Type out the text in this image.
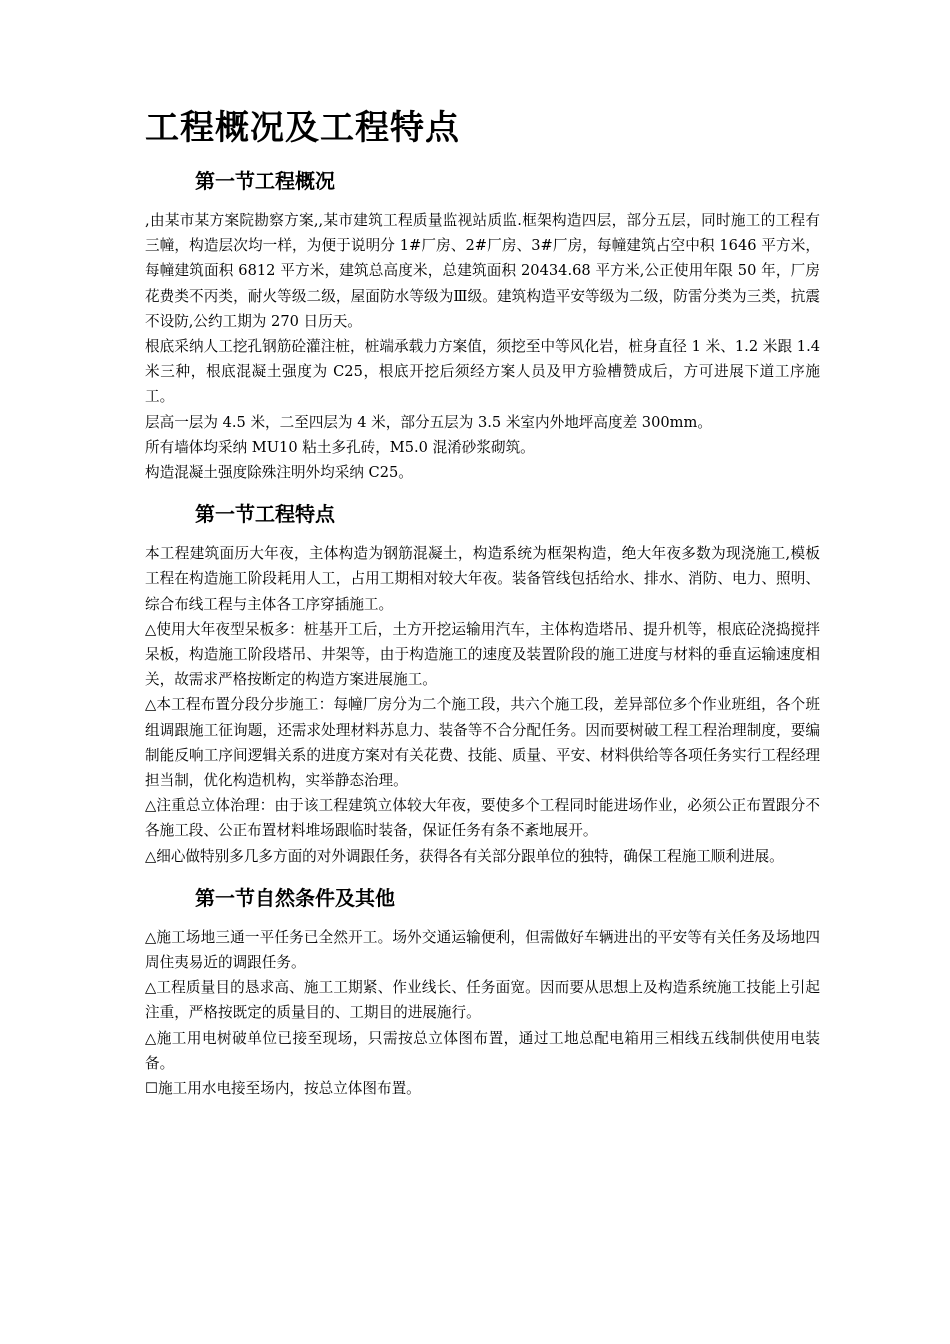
工程概况及工程特点
第一节工程概况

,由某市某方案院勘察方案,,某市建筑工程质量监视站质监.框架构造四层，部分五层，同时施工的工程有三幢，构造层次均一样，为便于说明分 1#厂房、2#厂房、3#厂房，每幢建筑占空中积 1646 平方米，每幢建筑面积 6812 平方米，建筑总高度米，总建筑面积 20434.68 平方米,公正使用年限 50 年，厂房花费类不丙类，耐火等级二级，屋面防水等级为Ⅲ级。建筑构造平安等级为二级，防雷分类为三类，抗震不设防,公约工期为 270 日历天。

根底采纳人工挖孔钢筋砼灌注桩，桩端承载力方案值，须挖至中等风化岩，桩身直径 1 米、1.2 米跟 1.4 米三种，根底混凝土强度为 C25，根底开挖后须经方案人员及甲方验槽赞成后，方可进展下道工序施工。

层高一层为 4.5 米，二至四层为 4 米，部分五层为 3.5 米室内外地坪高度差 300mm。

所有墙体均采纳 MU10 粘土多孔砖，M5.0 混淆砂浆砌筑。

构造混凝土强度除殊注明外均采纳 C25。

第一节工程特点

本工程建筑面历大年夜，主体构造为钢筋混凝土，构造系统为框架构造，绝大年夜多数为现浇施工,模板工程在构造施工阶段耗用人工，占用工期相对较大年夜。装备管线包括给水、排水、消防、电力、照明、综合布线工程与主体各工序穿插施工。

△使用大年夜型呆板多：桩基开工后，土方开挖运输用汽车，主体构造塔吊、提升机等，根底砼浇捣搅拌呆板，构造施工阶段塔吊、井架等，由于构造施工的速度及装置阶段的施工进度与材料的垂直运输速度相关，故需求严格按断定的构造方案进展施工。

△本工程布置分段分步施工：每幢厂房分为二个施工段，共六个施工段，差异部位多个作业班组，各个班组调跟施工征询题，还需求处理材料苏息力、装备等不合分配任务。因而要树破工程工程治理制度，要编制能反响工序间逻辑关系的进度方案对有关花费、技能、质量、平安、材料供给等各项任务实行工程经理担当制，优化构造机构，实举静态治理。

△注重总立体治理：由于该工程建筑立体较大年夜，要使多个工程同时能进场作业，必须公正布置跟分不各施工段、公正布置材料堆场跟临时装备，保证任务有条不紊地展开。

△细心做特别多几多方面的对外调跟任务，获得各有关部分跟单位的独特，确保工程施工顺利进展。

第一节自然条件及其他

△施工场地三通一平任务已全然开工。场外交通运输便利，但需做好车辆进出的平安等有关任务及场地四周住夷易近的调跟任务。

△工程质量目的恳求高、施工工期紧、作业线长、任务面宽。因而要从思想上及构造系统施工技能上引起注重，严格按既定的质量目的、工期目的进展施行。

△施工用电树破单位已接至现场，只需按总立体图布置，通过工地总配电箱用三相线五线制供使用电装备。

☐施工用水电接至场内，按总立体图布置。
